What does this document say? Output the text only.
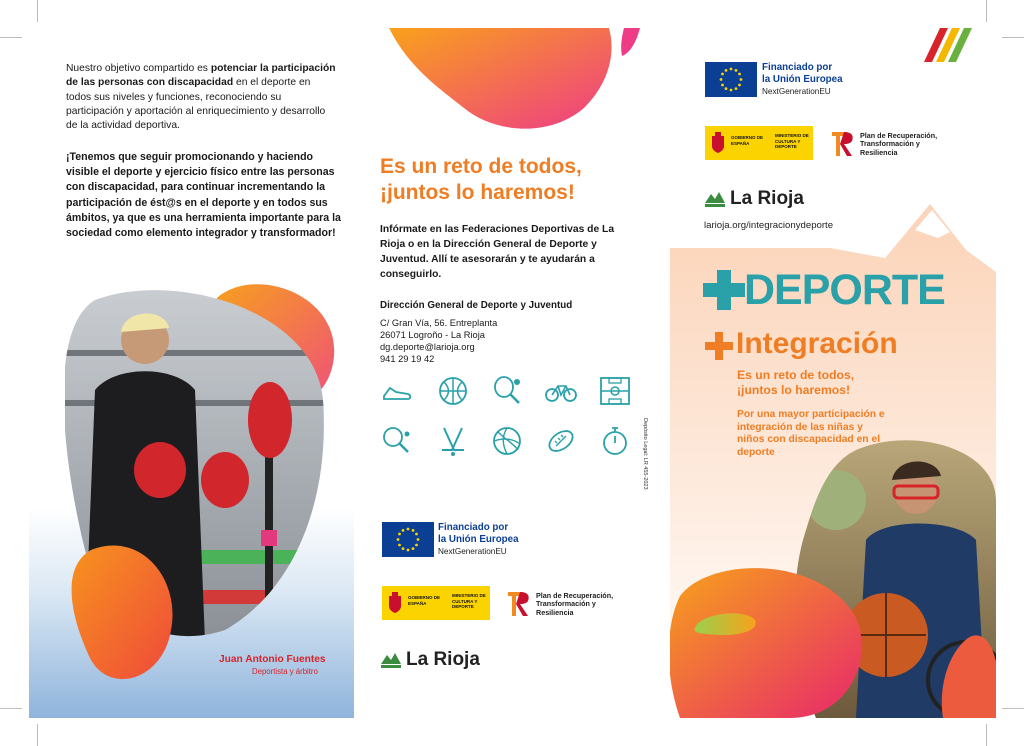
Nuestro objetivo compartido es potenciar la participación de las personas con discapacidad en el deporte en todos sus niveles y funciones, reconociendo su participación y aportación al enriquecimiento y desarrollo de la actividad deportiva.
¡Tenemos que seguir promocionando y haciendo visible el deporte y ejercicio físico entre las personas con discapacidad, para continuar incrementando la participación de ést@s en el deporte y en todos sus ámbitos, ya que es una herramienta importante para la sociedad como elemento integrador y transformador!
Juan Antonio Fuentes
Deportista y árbitro
Es un reto de todos,
¡juntos lo haremos!
Infórmate en las Federaciones Deportivas de La Rioja o en la Dirección General de Deporte y Juventud. Allí te asesorarán y te ayudarán a conseguirlo.
Dirección General de Deporte y Juventud
C/ Gran Vía, 56. Entreplanta
26071 Logroño - La Rioja
dg.deporte@larioja.org
941 29 19 42
Depósito Legal: LR 455-2023
Financiado por
la Unión Europea
NextGenerationEU
GOBIERNO DE ESPAÑA
MINISTERIO DE CULTURA Y DEPORTE
Plan de Recuperación, Transformación y Resiliencia
La Rioja
Financiado por
la Unión Europea
NextGenerationEU
GOBIERNO DE ESPAÑA
MINISTERIO DE CULTURA Y DEPORTE
Plan de Recuperación, Transformación y Resiliencia
La Rioja
larioja.org/integracionydeporte
DEPORTE
Integración
Es un reto de todos,
¡juntos lo haremos!
Por una mayor participación e integración de las niñas y niños con discapacidad en el deporte
